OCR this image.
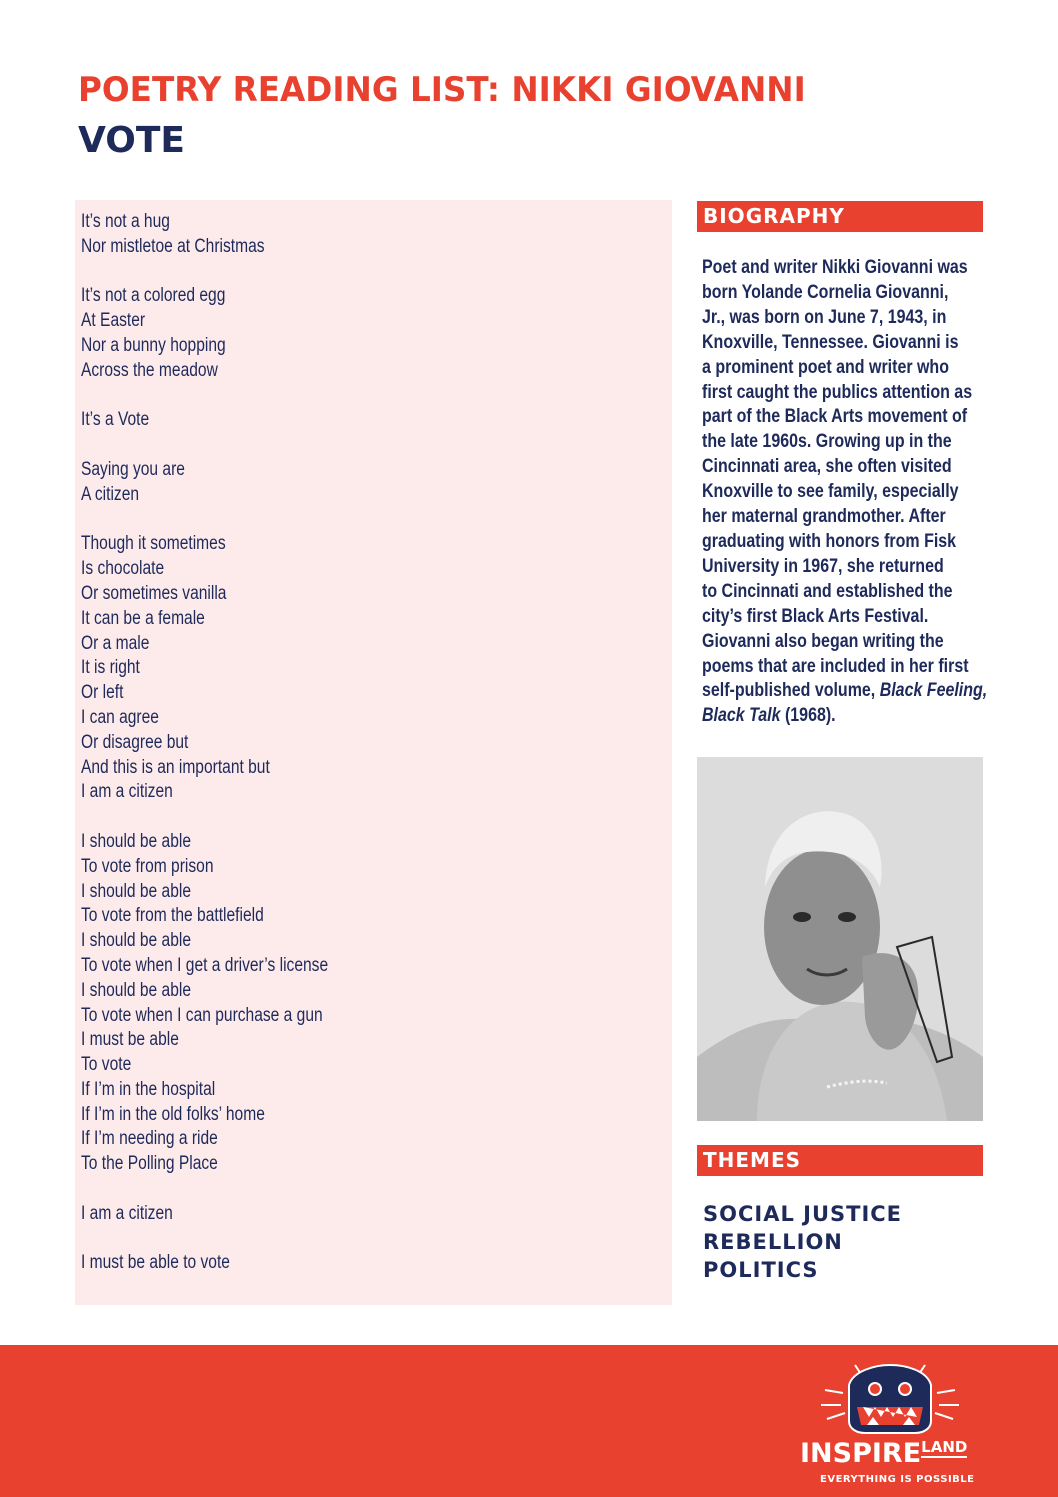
POETRY READING LIST: NIKKI GIOVANNI
VOTE
It’s not a hug
Nor mistletoe at Christmas
It’s not a colored egg
At Easter
Nor a bunny hopping
Across the meadow
It’s a Vote
Saying you are
A citizen
Though it sometimes
Is chocolate
Or sometimes vanilla
It can be a female
Or a male
It is right
Or left
I can agree
Or disagree but
And this is an important but
I am a citizen
I should be able
To vote from prison
I should be able
To vote from the battlefield
I should be able
To vote when I get a driver’s license
I should be able
To vote when I can purchase a gun
I must be able
To vote
If I’m in the hospital
If I’m in the old folks’ home
If I’m needing a ride
To the Polling Place
I am a citizen
I must be able to vote
BIOGRAPHY
Poet and writer Nikki Giovanni was
born Yolande Cornelia Giovanni,
Jr., was born on June 7, 1943, in
Knoxville, Tennessee. Giovanni is
a prominent poet and writer who
first caught the publics attention as
part of the Black Arts movement of
the late 1960s. Growing up in the
Cincinnati area, she often visited
Knoxville to see family, especially
her maternal grandmother. After
graduating with honors from Fisk
University in 1967, she returned
to Cincinnati and established the
city’s first Black Arts Festival.
Giovanni also began writing the
poems that are included in her first
self-published volume, Black Feeling,
Black Talk (1968).
THEMES
SOCIAL JUSTICE
REBELLION
POLITICS
$INSPIRE^{LAND}$
EVERYTHING IS POSSIBLE
